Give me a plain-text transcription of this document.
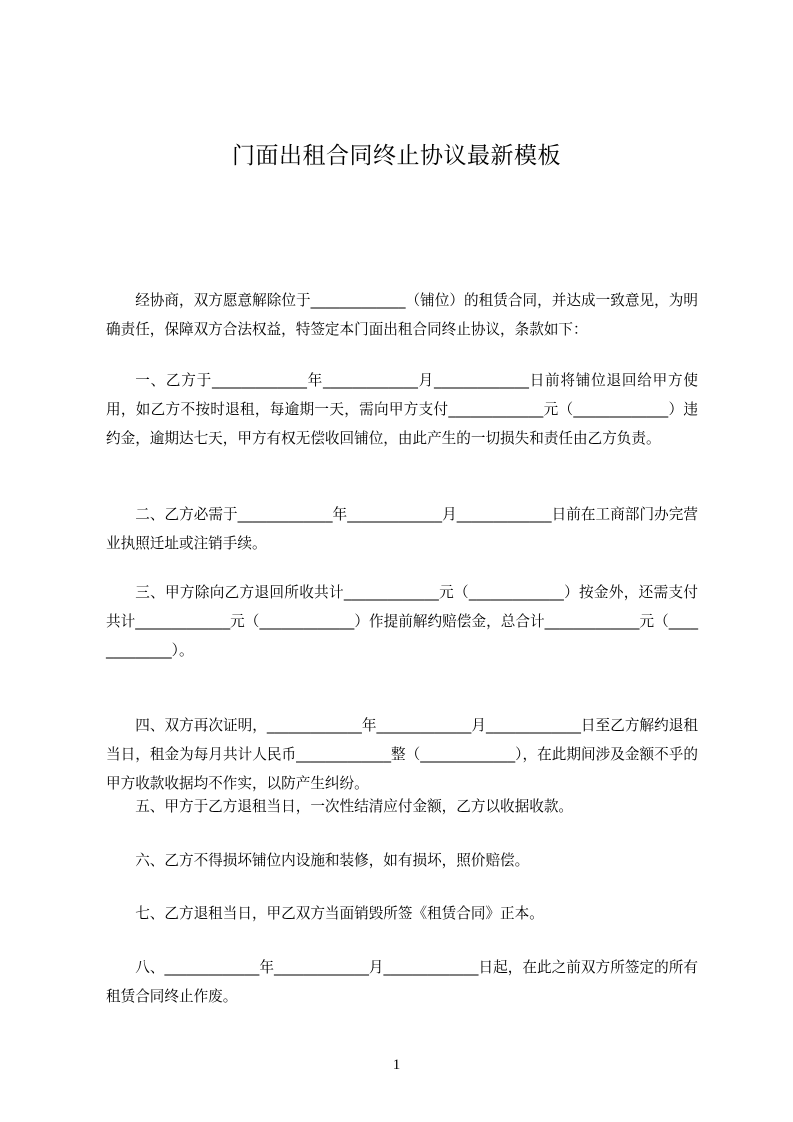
门面出租合同终止协议最新模板

经协商，双方愿意解除位于_____________（铺位）的租赁合同，并达成一致意见，为明确责任，保障双方合法权益，特签定本门面出租合同终止协议，条款如下：

一、乙方于_____________年_____________月_____________日前将铺位退回给甲方使用，如乙方不按时退租，每逾期一天，需向甲方支付_____________元（_____________）违约金，逾期达七天，甲方有权无偿收回铺位，由此产生的一切损失和责任由乙方负责。

二、乙方必需于_____________年_____________月_____________日前在工商部门办完营业执照迁址或注销手续。

三、甲方除向乙方退回所收共计_____________元（_____________）按金外，还需支付共计_____________元（_____________）作提前解约赔偿金，总合计_____________元（_____________）。

四、双方再次证明，_____________年_____________月_____________日至乙方解约退租当日，租金为每月共计人民币_____________整（_____________），在此期间涉及金额不乎的甲方收款收据均不作实，以防产生纠纷。

五、甲方于乙方退租当日，一次性结清应付金额，乙方以收据收款。

六、乙方不得损坏铺位内设施和装修，如有损坏，照价赔偿。

七、乙方退租当日，甲乙双方当面销毁所签《租赁合同》正本。

八、_____________年_____________月_____________日起，在此之前双方所签定的所有租赁合同终止作废。

1
